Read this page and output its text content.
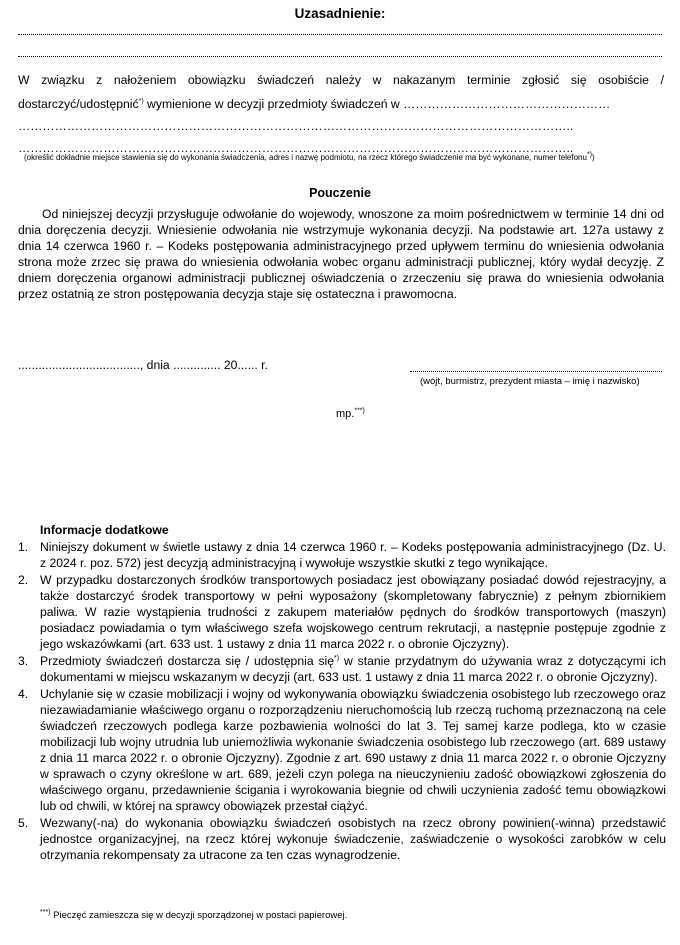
Uzasadnienie:
W związku z nałożeniem obowiązku świadczeń należy w nakazanym terminie zgłosić się osobiście /
dostarczyć/udostępnić*) wymienione w decyzji przedmioty świadczeń w ……………………………………………
………………………………………………………………………………………………………………………..
………………………………………………………………………………………………………………………..
(określić dokładnie miejsce stawienia się do wykonania świadczenia, adres i nazwę podmiotu, na rzecz którego świadczenie ma być wykonane, numer telefonu*))
Pouczenie
Od niniejszej decyzji przysługuje odwołanie do wojewody, wnoszone za moim pośrednictwem w terminie 14 dni od dnia doręczenia decyzji. Wniesienie odwołania nie wstrzymuje wykonania decyzji. Na podstawie art. 127a ustawy z dnia 14 czerwca 1960 r. – Kodeks postępowania administracyjnego przed upływem terminu do wniesienia odwołania strona może zrzec się prawa do wniesienia odwołania wobec organu administracji publicznej, który wydał decyzję. Z dniem doręczenia organowi administracji publicznej oświadczenia o zrzeczeniu się prawa do wniesienia odwołania przez ostatnią ze stron postępowania decyzja staje się ostateczna i prawomocna.
...................................., dnia .............. 20...... r.
(wójt, burmistrz, prezydent miasta – imię i nazwisko)
mp.***)
Informacje dodatkowe
1. Niniejszy dokument w świetle ustawy z dnia 14 czerwca 1960 r. – Kodeks postępowania administracyjnego (Dz. U. z 2024 r. poz. 572) jest decyzją administracyjną i wywołuje wszystkie skutki z tego wynikające.
2. W przypadku dostarczonych środków transportowych posiadacz jest obowiązany posiadać dowód rejestracyjny, a także dostarczyć środek transportowy w pełni wyposażony (skompletowany fabrycznie) z pełnym zbiornikiem paliwa. W razie wystąpienia trudności z zakupem materiałów pędnych do środków transportowych (maszyn) posiadacz powiadamia o tym właściwego szefa wojskowego centrum rekrutacji, a następnie postępuje zgodnie z jego wskazówkami (art. 633 ust. 1 ustawy z dnia 11 marca 2022 r. o obronie Ojczyzny).
3. Przedmioty świadczeń dostarcza się / udostępnia się*) w stanie przydatnym do używania wraz z dotyczącymi ich dokumentami w miejscu wskazanym w decyzji (art. 633 ust. 1 ustawy z dnia 11 marca 2022 r. o obronie Ojczyzny).
4. Uchylanie się w czasie mobilizacji i wojny od wykonywania obowiązku świadczenia osobistego lub rzeczowego oraz niezawiadamianie właściwego organu o rozporządzeniu nieruchomością lub rzeczą ruchomą przeznaczoną na cele świadczeń rzeczowych podlega karze pozbawienia wolności do lat 3. Tej samej karze podlega, kto w czasie mobilizacji lub wojny utrudnia lub uniemożliwia wykonanie świadczenia osobistego lub rzeczowego (art. 689 ustawy z dnia 11 marca 2022 r. o obronie Ojczyzny). Zgodnie z art. 690 ustawy z dnia 11 marca 2022 r. o obronie Ojczyzny w sprawach o czyny określone w art. 689, jeżeli czyn polega na nieuczynieniu zadość obowiązkowi zgłoszenia do właściwego organu, przedawnienie ścigania i wyrokowania biegnie od chwili uczynienia zadość temu obowiązkowi lub od chwili, w której na sprawcy obowiązek przestał ciążyć.
5. Wezwany(-na) do wykonania obowiązku świadczeń osobistych na rzecz obrony powinien(-winna) przedstawić jednostce organizacyjnej, na rzecz której wykonuje świadczenie, zaświadczenie o wysokości zarobków w celu otrzymania rekompensaty za utracone za ten czas wynagrodzenie.
***) Pieczęć zamieszcza się w decyzji sporządzonej w postaci papierowej.
